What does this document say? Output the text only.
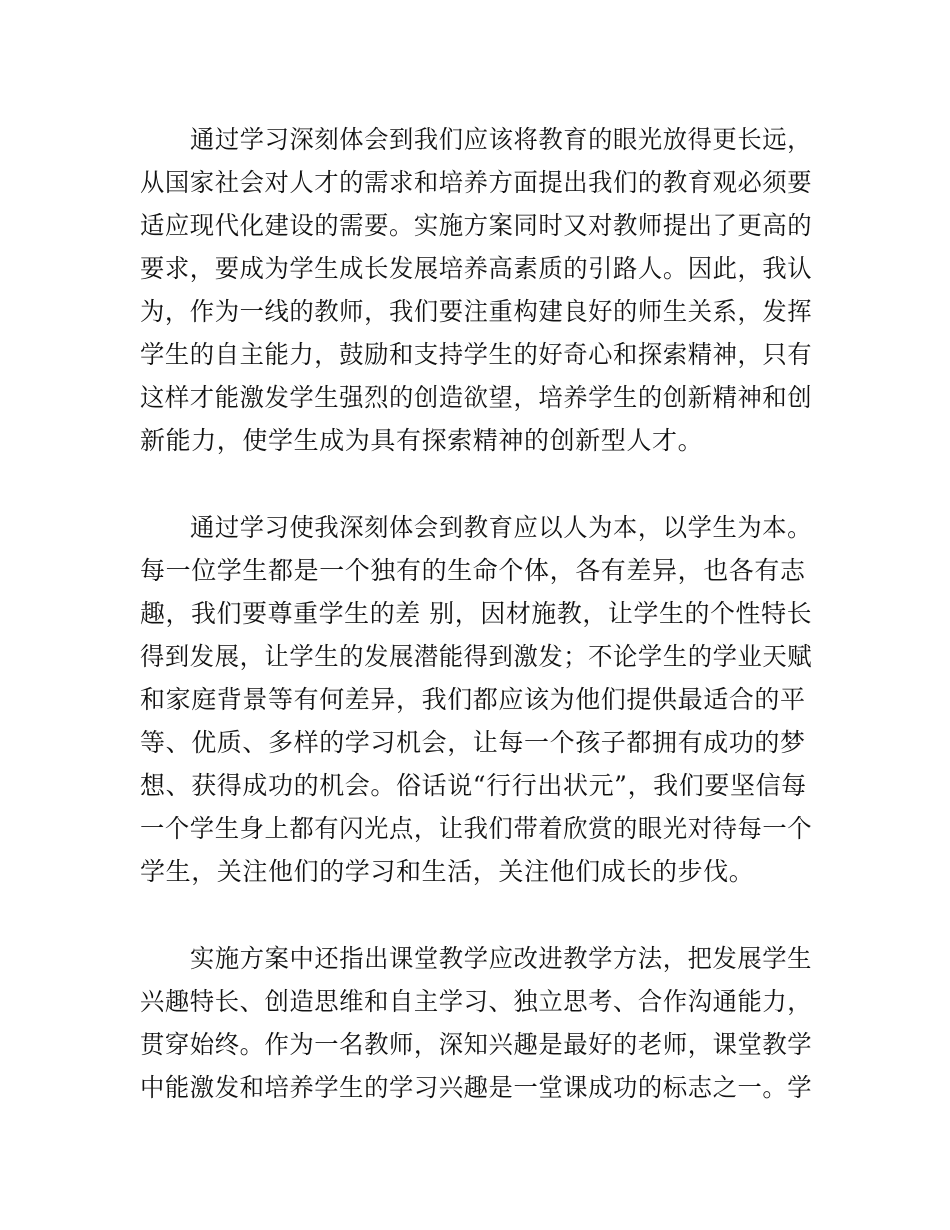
通过学习深刻体会到我们应该将教育的眼光放得更长远，
从国家社会对人才的需求和培养方面提出我们的教育观必须要
适应现代化建设的需要。实施方案同时又对教师提出了更高的
要求，要成为学生成长发展培养高素质的引路人。因此，我认
为，作为一线的教师，我们要注重构建良好的师生关系，发挥
学生的自主能力，鼓励和支持学生的好奇心和探索精神，只有
这样才能激发学生强烈的创造欲望，培养学生的创新精神和创
新能力，使学生成为具有探索精神的创新型人才。
通过学习使我深刻体会到教育应以人为本，以学生为本。
每一位学生都是一个独有的生命个体，各有差异，也各有志
趣，我们要尊重学生的差 别，因材施教，让学生的个性特长
得到发展，让学生的发展潜能得到激发；不论学生的学业天赋
和家庭背景等有何差异，我们都应该为他们提供最适合的平
等、优质、多样的学习机会，让每一个孩子都拥有成功的梦
想、获得成功的机会。俗话说“行行出状元”，我们要坚信每
一个学生身上都有闪光点，让我们带着欣赏的眼光对待每一个
学生，关注他们的学习和生活，关注他们成长的步伐。
实施方案中还指出课堂教学应改进教学方法，把发展学生
兴趣特长、创造思维和自主学习、独立思考、合作沟通能力，
贯穿始终。作为一名教师，深知兴趣是最好的老师，课堂教学
中能激发和培养学生的学习兴趣是一堂课成功的标志之一。学
